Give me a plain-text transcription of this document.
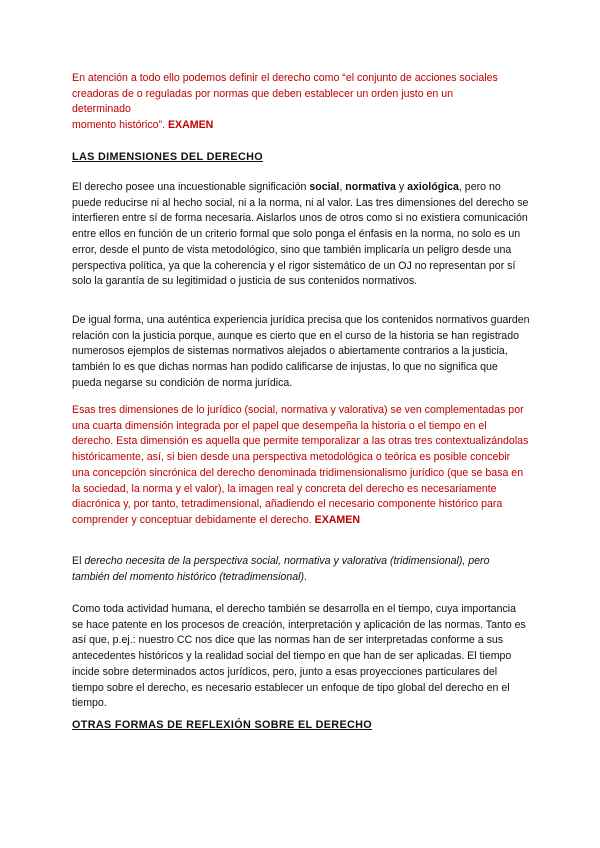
En atención a todo ello podemos definir el derecho como “el conjunto de acciones sociales
creadoras de o reguladas por normas que deben establecer un orden justo en un
determinado
momento histórico”. EXAMEN

LAS DIMENSIONES DEL DERECHO

El derecho posee una incuestionable significación social, normativa y axiológica, pero no puede reducirse ni al hecho social, ni a la norma, ni al valor. Las tres dimensiones del derecho se interfieren entre sí de forma necesaria. Aislarlos unos de otros como si no existiera comunicación entre ellos en función de un criterio formal que solo ponga el énfasis en la norma, no solo es un error, desde el punto de vista metodológico, sino que también implicaría un peligro desde una perspectiva política, ya que la coherencia y el rigor sistemático de un OJ no representan por sí solo la garantía de su legitimidad o justicia de sus contenidos normativos.

De igual forma, una auténtica experiencia jurídica precisa que los contenidos normativos guarden relación con la justicia porque, aunque es cierto que en el curso de la historia se han registrado numerosos ejemplos de sistemas normativos alejados o abiertamente contrarios a la justicia, también lo es que dichas normas han podido calificarse de injustas, lo que no significa que pueda negarse su condición de norma jurídica.

Esas tres dimensiones de lo jurídico (social, normativa y valorativa) se ven complementadas por una cuarta dimensión integrada por el papel que desempeña la historia o el tiempo en el derecho. Esta dimensión es aquella que permite temporalizar a las otras tres contextualizándolas históricamente, así, si bien desde una perspectiva metodológica o teórica es posible concebir una concepción sincrónica del derecho denominada tridimensionalismo jurídico (que se basa en la sociedad, la norma y el valor), la imagen real y concreta del derecho es necesariamente diacrónica y, por tanto, tetradimensional, añadiendo el necesario componente histórico para comprender y conceptuar debidamente el derecho. EXAMEN

El derecho necesita de la perspectiva social, normativa y valorativa (tridimensional), pero también del momento histórico (tetradimensional).

Como toda actividad humana, el derecho también se desarrolla en el tiempo, cuya importancia se hace patente en los procesos de creación, interpretación y aplicación de las normas. Tanto es así que, p.ej.: nuestro CC nos dice que las normas han de ser interpretadas conforme a sus antecedentes históricos y la realidad social del tiempo en que han de ser aplicadas. El tiempo incide sobre determinados actos jurídicos, pero, junto a esas proyecciones particulares del tiempo sobre el derecho, es necesario establecer un enfoque de tipo global del derecho en el tiempo.

OTRAS FORMAS DE REFLEXIÓN SOBRE EL DERECHO
